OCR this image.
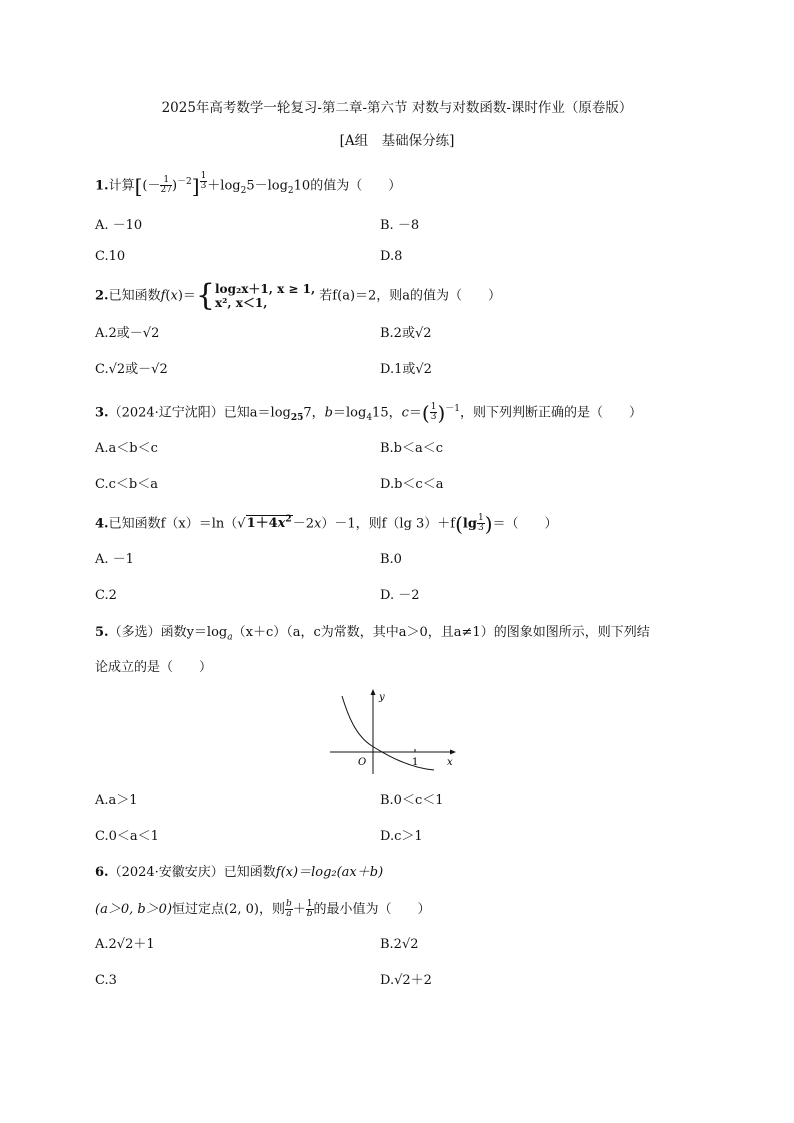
2025年高考数学一轮复习-第二章-第六节 对数与对数函数-课时作业（原卷版）
[A组　基础保分练]
1.计算[(－ $\frac{1}{27} )^{-2}$] $^{\frac{1}{3}} +\log_25-\log_210$的值为（　　）
A. －10	B. －8
C.10	D.8
2.已知函数f(x)＝{ log₂x＋1, x ≥ 1,
x², x＜1,	若f(a)＝2，则a的值为（　　）
A.2或－√2	B.2或√2
C.√2或－√2	D.1或√2
3.（2024·辽宁沈阳）已知$a=\log_{25}7$，$b=\log_415$，$c=( \frac{1}{3} )^{-1}$，则下列判断正确的是（　　）
A.a＜b＜c	B.b＜a＜c
C.c＜b＜a	D.b＜c＜a
4.已知函数$f(x)=\ln(√1+4x^2-2x)-1$，则f（lg $3)+f(\lg \frac{1}{3}$ )＝（　　）
A. －1	B.0
C.2	D. －2
5.（多选）函数$y=\log_a(x+c)(a$，c为常数，其中a＞0，且a≠1）的图象如图所示，则下列结
论成立的是（　　）
y
x
O	1
A.a＞1	B.0＜c＜1
C.0＜a＜1	D.c＞1
6.（2024·安徽安庆）已知函数f(x)＝log₂(ax＋b)
(a＞0, b＞0)恒过定点(2, 0)，则 $\frac{b}{a} + \frac{1}{b}$ 的最小值为（　　）
A.2√2＋1	B.2√2
C.3	D.√2＋2
